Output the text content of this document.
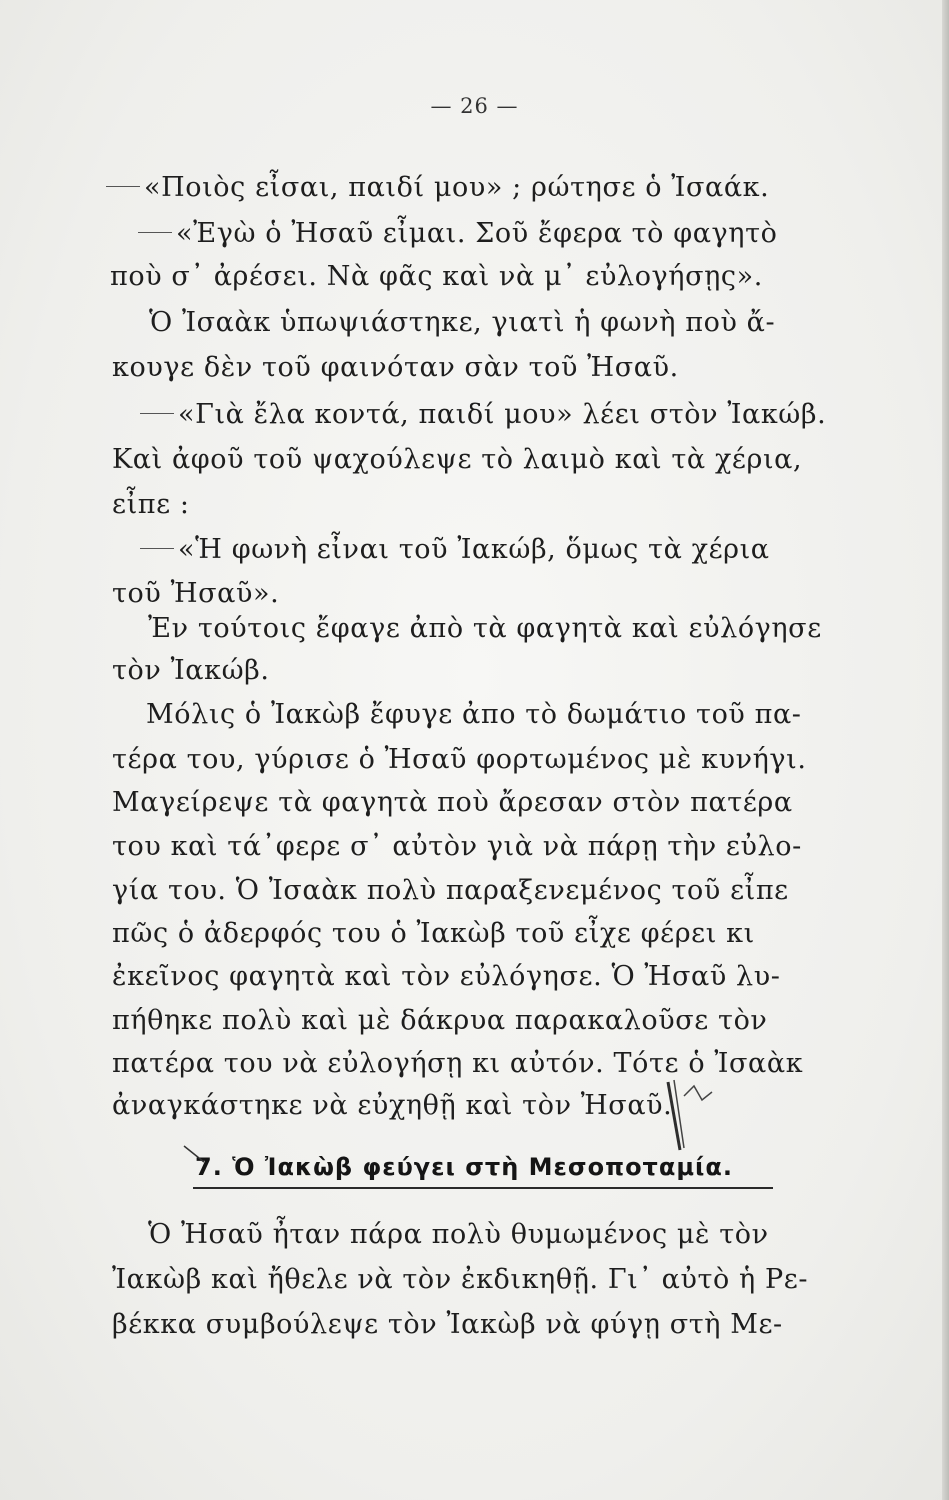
— 26 —
«Ποιὸς εἶσαι, παιδί μου» ; ρώτησε ὁ Ἰσαάκ.
«Ἐγὼ ὁ Ἠσαῦ εἶμαι. Σοῦ ἔφερα τὸ φαγητὸ
ποὺ σ᾽ ἀρέσει. Νὰ φᾶς καὶ νὰ μ᾽ εὐλογήσῃς».
Ὁ Ἰσαὰκ ὑπωψιάστηκε, γιατὶ ἡ φωνὴ ποὺ ἄ-
κουγε δὲν τοῦ φαινόταν σὰν τοῦ Ἠσαῦ.
«Γιὰ ἔλα κοντά, παιδί μου» λέει στὸν Ἰακώβ.
Καὶ ἀφοῦ τοῦ ψαχούλεψε τὸ λαιμὸ καὶ τὰ χέρια,
εἶπε :
«Ἡ φωνὴ εἶναι τοῦ Ἰακώβ, ὅμως τὰ χέρια
τοῦ Ἠσαῦ».
Ἐν τούτοις ἔφαγε ἀπὸ τὰ φαγητὰ καὶ εὐλόγησε
τὸν Ἰακώβ.
Μόλις ὁ Ἰακὼβ ἔφυγε ἀπο τὸ δωμάτιο τοῦ πα-
τέρα του, γύρισε ὁ Ἠσαῦ φορτωμένος μὲ κυνήγι.
Μαγείρεψε τὰ φαγητὰ ποὺ ἄρεσαν στὸν πατέρα
του καὶ τά᾽φερε σ᾽ αὐτὸν γιὰ νὰ πάρῃ τὴν εὐλο-
γία του. Ὁ Ἰσαὰκ πολὺ παραξενεμένος τοῦ εἶπε
πῶς ὁ ἀδερφός του ὁ Ἰακὼβ τοῦ εἶχε φέρει κι
ἐκεῖνος φαγητὰ καὶ τὸν εὐλόγησε. Ὁ Ἠσαῦ λυ-
πήθηκε πολὺ καὶ μὲ δάκρυα παρακαλοῦσε τὸν
πατέρα του νὰ εὐλογήσῃ κι αὐτόν. Τότε ὁ Ἰσαὰκ
ἀναγκάστηκε νὰ εὐχηθῇ καὶ τὸν Ἠσαῦ.
7. Ὁ Ἰακὼβ φεύγει στὴ Μεσοποταμία.
Ὁ Ἠσαῦ ἦταν πάρα πολὺ θυμωμένος μὲ τὸν
Ἰακὼβ καὶ ἤθελε νὰ τὸν ἐκδικηθῇ. Γι᾽ αὐτὸ ἡ Ρε-
βέκκα συμβούλεψε τὸν Ἰακὼβ νὰ φύγῃ στὴ Με-
